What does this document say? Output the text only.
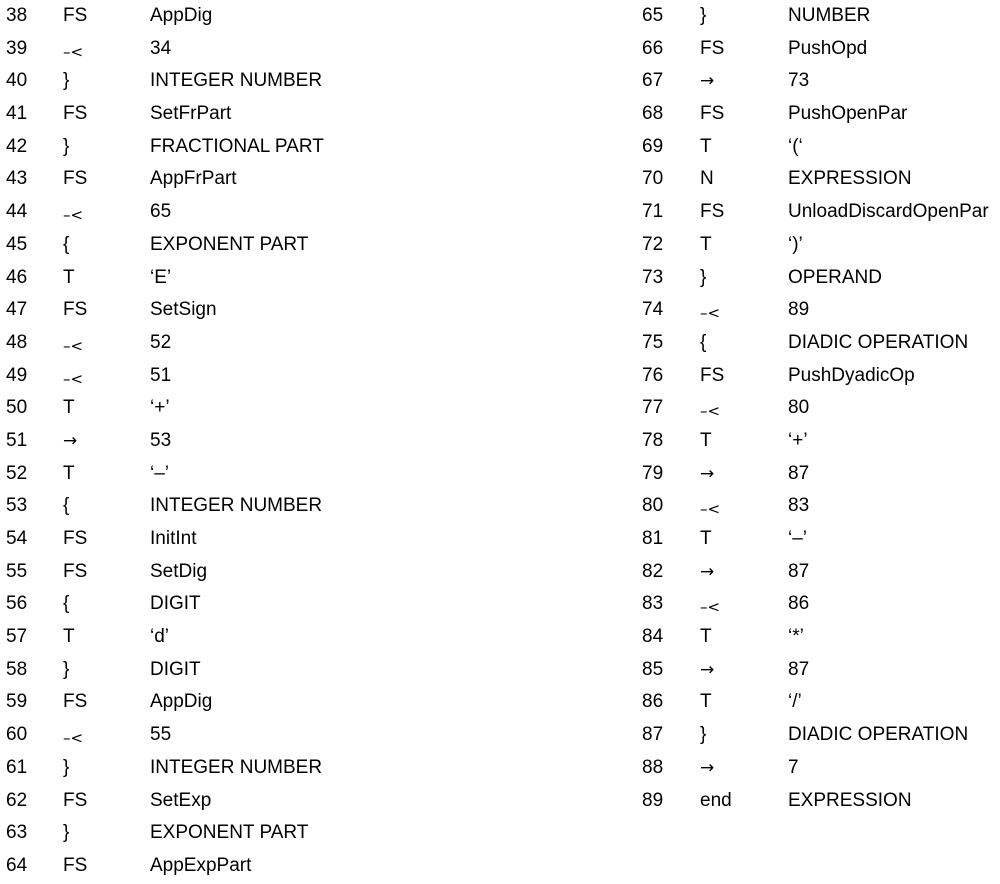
38 FS	AppDig
39 –<	34
40 }	INTEGER NUMBER
41 FS	SetFrPart
42 }	FRACTIONAL PART
43 FS	AppFrPart
44 –<	65
45 {	EXPONENT PART
46 T	‘E’
47 FS	SetSign
48 –<	52
49 –<	51
50 T	‘+’
51 →	53
52 T	‘–’
53 {	INTEGER NUMBER
54 FS	InitInt
55 FS	SetDig
56 {	DIGIT
57 T	‘d’
58 }	DIGIT
59 FS	AppDig
60 –<	55
61 }	INTEGER NUMBER
62 FS	SetExp
63 }	EXPONENT PART
64 FS	AppExpPart
65 }	NUMBER
66 FS	PushOpd
67 →	73
68 FS	PushOpenPar
69 T	‘(‘
70 N	EXPRESSION
71 FS	UnloadDiscardOpenPar
72 T	‘)’
73 }	OPERAND
74 –<	89
75 {	DIADIC OPERATION
76 FS	PushDyadicOp
77 –<	80
78 T	‘+’
79 →	87
80 –<	83
81 T	‘–’
82 →	87
83 –<	86
84 T	‘*’
85 →	87
86 T	‘/’
87 }	DIADIC OPERATION
88 →	7
89 end	EXPRESSION
